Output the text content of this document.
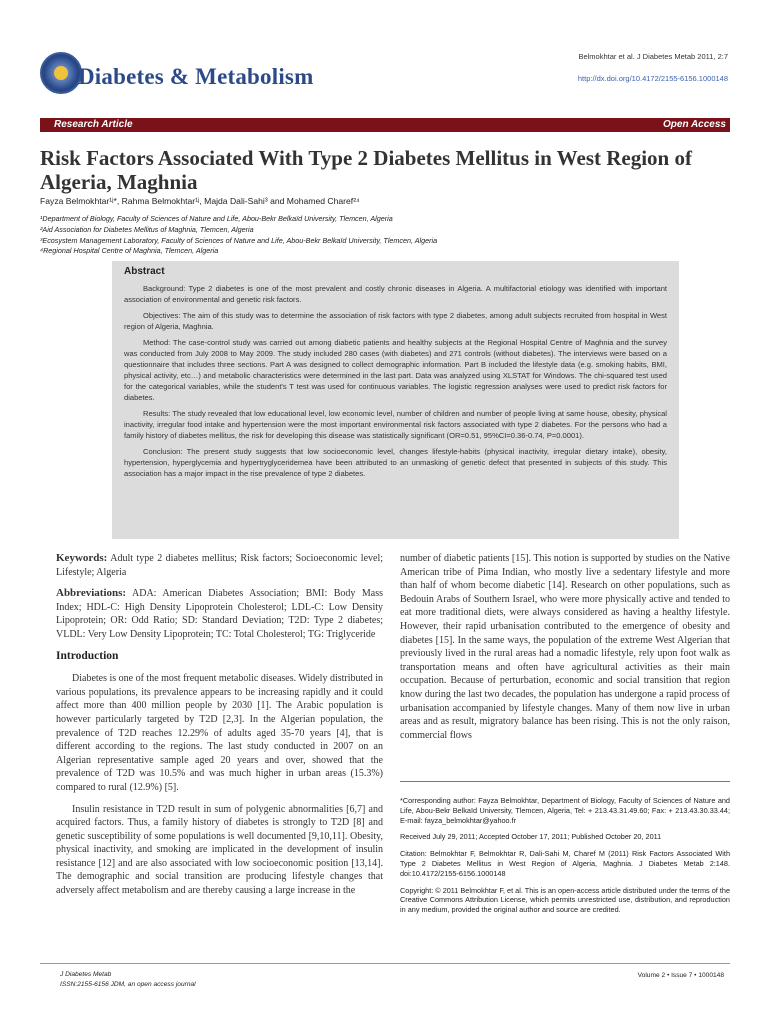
Diabetes & Metabolism
Belmokhtar et al. J Diabetes Metab 2011, 2:7
http://dx.doi.org/10.4172/2155-6156.1000148
Research Article	Open Access
Risk Factors Associated With Type 2 Diabetes Mellitus in West Region of Algeria, Maghnia
Fayza Belmokhtar¹ʲ*, Rahma Belmokhtar¹ʲ, Majda Dali-Sahi³ and Mohamed Charef²⁴
¹Department of Biology, Faculty of Sciences of Nature and Life, Abou-Bekr Belkaïd University, Tlemcen, Algeria
²Aid Association for Diabetes Mellitus of Maghnia, Tlemcen, Algeria
³Ecosystem Management Laboratory, Faculty of Sciences of Nature and Life, Abou-Bekr Belkaïd University, Tlemcen, Algeria
⁴Regional Hospital Centre of Maghnia, Tlemcen, Algeria
Abstract

Background: Type 2 diabetes is one of the most prevalent and costly chronic diseases in Algeria. A multifactorial etiology was identified with important association of environmental and genetic risk factors.

Objectives: The aim of this study was to determine the association of risk factors with type 2 diabetes, among adult subjects recruited from hospital in West region of Algeria, Maghnia.

Method: The case-control study was carried out among diabetic patients and healthy subjects at the Regional Hospital Centre of Maghnia and the survey was conducted from July 2008 to May 2009. The study included 280 cases (with diabetes) and 271 controls (without diabetes). The interviews were based on a questionnaire that includes three sections. Part A was designed to collect demographic information. Part B included the lifestyle data (e.g. smoking habits, BMI, physical activity, etc…) and metabolic characteristics were determined in the last part. Data was analyzed using XLSTAT for Windows. The chi-squared test used for the categorical variables, while the student's T test was used for continuous variables. The logistic regression analyses were used to predict risk factors for diabetes.

Results: The study revealed that low educational level, low economic level, number of children and number of people living at same house, obesity, physical inactivity, irregular food intake and hypertension were the most important environmental risk factors associated with type 2 diabetes. For the persons who had a family history of diabetes mellitus, the risk for developing this disease was statistically significant (OR=0.51, 95%CI=0.36-0.74, P=0.0001).

Conclusion: The present study suggests that low socioeconomic level, changes lifestyle-habits (physical inactivity, irregular dietary intake), obesity, hypertension, hyperglycemia and hypertryglyceridemea have been attributed to an unmasking of genetic defect that presented in subjects of this study. This association has a major impact in the rise prevalence of type 2 diabetes.

Keywords: Adult type 2 diabetes mellitus; Risk factors; Socioeconomic level; Lifestyle; Algeria

Abbreviations: ADA: American Diabetes Association; BMI: Body Mass Index; HDL-C: High Density Lipoprotein Cholesterol; LDL-C: Low Density Lipoprotein; OR: Odd Ratio; SD: Standard Deviation; T2D: Type 2 diabetes; VLDL: Very Low Density Lipoprotein; TC: Total Cholesterol; TG: Triglyceride

Introduction

Diabetes is one of the most frequent metabolic diseases. Widely distributed in various populations, its prevalence appears to be increasing rapidly and it could affect more than 400 million people by 2030 [1]. The Arabic population is however particularly targeted by T2D [2,3]. In the Algerian population, the prevalence of T2D reaches 12.29% of adults aged 35-70 years [4], that is different according to the regions. The last study conducted in 2007 on an Algerian representative sample aged 20 years and over, showed that the prevalence of T2D was 10.5% and was much higher in urban areas (15.3%) compared to rural (12.9%) [5].

Insulin resistance in T2D result in sum of polygenic abnormalities [6,7] and acquired factors. Thus, a family history of diabetes is strongly to T2D [8] and genetic susceptibility of some populations is well documented [9,10,11]. Obesity, physical inactivity, and smoking are implicated in the development of insulin resistance [12] and are also associated with low socioeconomic position [13,14]. The demographic and social transition are producing lifestyle changes that adversely affect metabolism and are thereby causing a large increase in the

number of diabetic patients [15]. This notion is supported by studies on the Native American tribe of Pima Indian, who mostly live a sedentary lifestyle and more than half of whom become diabetic [14]. Research on other populations, such as Bedouin Arabs of Southern Israel, who were more physically active and tended to eat more traditional diets, were always considered as having a healthy lifestyle. However, their rapid urbanisation contributed to the emergence of obesity and diabetes [15]. In the same ways, the population of the extreme West Algerian that previously lived in the rural areas had a nomadic lifestyle, rely upon foot walk as transportation means and often have agricultural activities as their main occupation. Because of perturbation, economic and social transition that region know during the last two decades, the population has undergone a rapid process of urbanisation accompanied by lifestyle changes. Many of them now live in urban areas and as result, migratory balance has been rising. This is not the only raison, commercial flows

*Corresponding author: Fayza Belmokhtar, Department of Biology, Faculty of Sciences of Nature and Life, Abou-Bekr Belkaïd University, Tlemcen, Algeria, Tel: + 213.43.31.49.60; Fax: + 213.43.30.33.44; E-mail: fayza_belmokhtar@yahoo.fr

Received July 29, 2011; Accepted October 17, 2011; Published October 20, 2011

Citation: Belmokhtar F, Belmokhtar R, Dali-Sahi M, Charef M (2011) Risk Factors Associated With Type 2 Diabetes Mellitus in West Region of Algeria, Maghnia. J Diabetes Metab 2:148. doi:10.4172/2155-6156.1000148

Copyright: © 2011 Belmokhtar F, et al. This is an open-access article distributed under the terms of the Creative Commons Attribution License, which permits unrestricted use, distribution, and reproduction in any medium, provided the original author and source are credited.

J Diabetes Metab
ISSN:2155-6156 JDM, an open access journal
Volume 2 • Issue 7 • 1000148
